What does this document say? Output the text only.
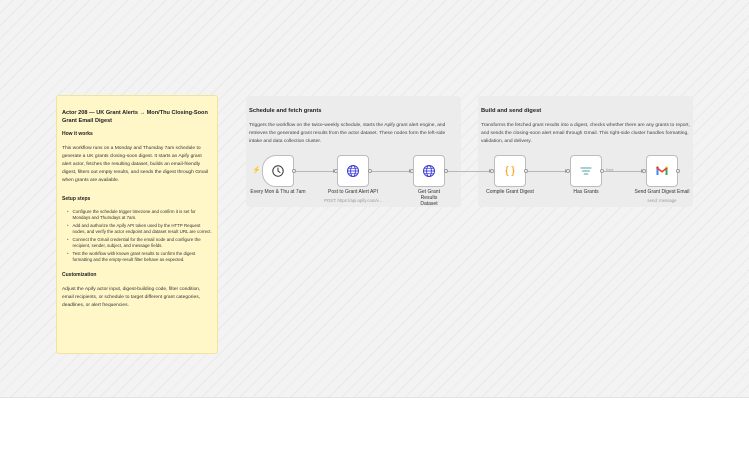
Actor 208 — UK Grant Alerts → Mon/Thu Closing-Soon Grant Email Digest
How it works

This workflow runs on a Monday and Thursday 7am schedule to generate a UK grants closing-soon digest. It starts an Apify grant alert actor, fetches the resulting dataset, builds an email-friendly digest, filters out empty results, and sends the digest through Gmail when grants are available.

Setup steps
• Configure the schedule trigger timezone and confirm it is set for Mondays and Thursdays at 7am.
• Add and authorize the Apify API token used by the HTTP Request nodes, and verify the actor endpoint and dataset result URL are correct.
• Connect the Gmail credential for the email node and configure the recipient, sender, subject, and message fields.
• Test the workflow with known grant results to confirm the digest formatting and the empty-result filter behave as expected.
Customization

Adjust the Apify actor input, digest-building code, filter condition, email recipients, or schedule to target different grant categories, deadlines, or alert frequencies.

Schedule and fetch grants

Triggers the workflow on the twice-weekly schedule, starts the Apify grant alert engine, and retrieves the generated grant results from the actor dataset. These nodes form the left-side intake and data collection cluster.

Build and send digest

Transforms the fetched grant results into a digest, checks whether there are any grants to report, and sends the closing-soon alert email through Gmail. This right-side cluster handles formatting, validation, and delivery.

Kept
⚡
Every Mon & Thu at 7am	Post to Grant Alert API
POST: https://api.apify.com/v...
Get Grant Results Dataset
Compile Grant Digest	Has Grants	Send Grant Digest Email
send: message
